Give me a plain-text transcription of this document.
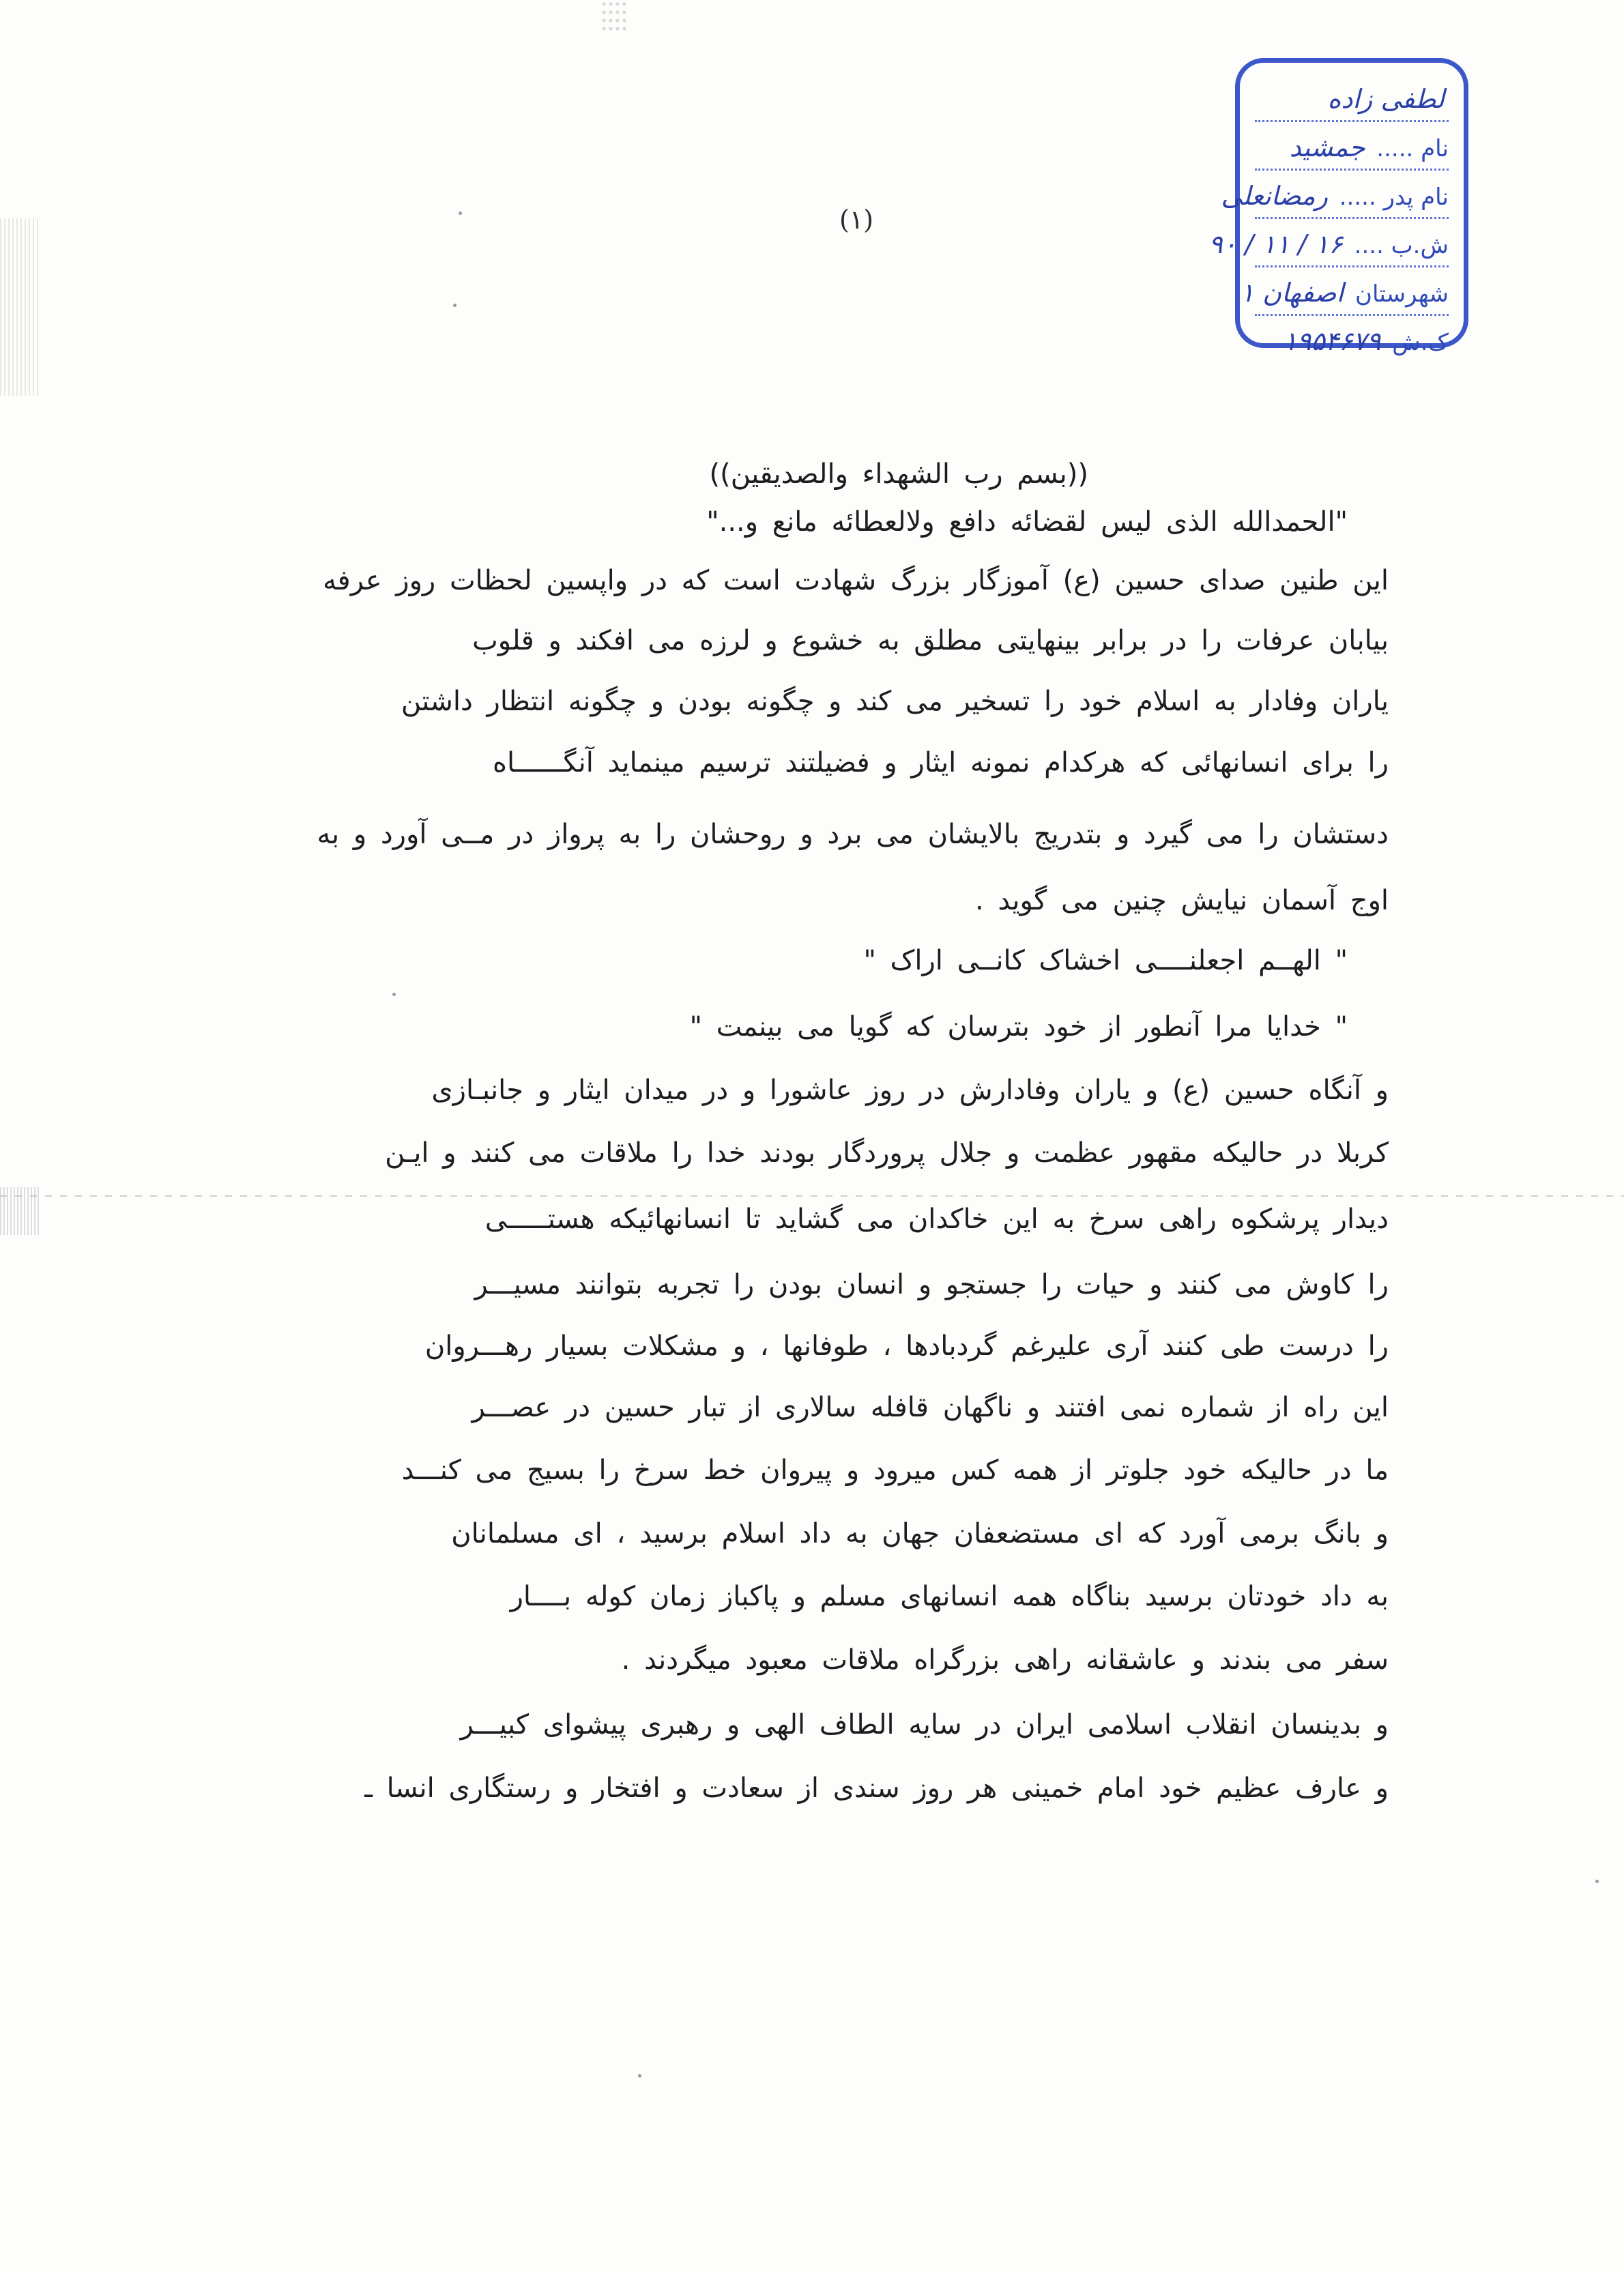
لطفی زاده
نام ..... جمشید
نام پدر ..... رمضانعلی
ش.ب .... ۱۶ / ۱۱ / ۹۰
شهرستان اصفهان ۱
ک.ش ۱۹۵۴۶۷۹
(۱)
((بسم رب الشهداء والصدیقین))
"الحمدالله الذی لیس لقضائه دافع ولالعطائه مانع و..."
این طنین صدای حسین (ع) آموزگار بزرگ شهادت است که در واپسین لحظات روز عرفه
بیابان عرفات را در برابر بینهایتی مطلق به خشوع و لرزه می افکند و قلوب
یاران وفادار به اسلام خود را تسخیر می کند و چگونه بودن و چگونه انتظار داشتن
را برای انسانهائی که هرکدام نمونه ایثار و فضیلتند ترسیم مینماید آنگــــــاه
دستشان را می گیرد و بتدریج بالایشان می برد و روحشان را به پرواز در مــی آورد و به
اوج آسمان نیایش چنین می گوید .
" الهــم اجعلنــــی اخشاک کانــی اراک "
" خدایا مرا آنطور از خود بترسان که گویا می بینمت "
و آنگاه حسین (ع) و یاران وفادارش در روز عاشورا و در میدان ایثار و جانبـازی
کربلا در حالیکه مقهور عظمت و جلال پروردگار بودند خدا را ملاقات می کنند و ایـن
دیدار پرشکوه راهی سرخ به این خاکدان می گشاید تا انسانهائیکه هستـــــی
را کاوش می کنند و حیات را جستجو و انسان بودن را تجربه بتوانند مسیـــر
را درست طی کنند آری علیرغم گردبادها ، طوفانها ، و مشکلات بسیار رهـــروان
این راه از شماره نمی افتند و ناگهان قافله سالاری از تبار حسین در عصـــر
ما در حالیکه خود جلوتر از همه کس میرود و پیروان خط سرخ را بسیج می کنـــد
و بانگ برمی آورد که ای مستضعفان جهان به داد اسلام برسید ، ای مسلمانان
به داد خودتان برسید بناگاه همه انسانهای مسلم و پاکباز زمان کوله بــــار
سفر می بندند و عاشقانه راهی بزرگراه ملاقات معبود میگردند .
و بدینسان انقلاب اسلامی ایران در سایه الطاف الهی و رهبری پیشوای کبیـــر
و عارف عظیم خود امام خمینی هر روز سندی از سعادت و افتخار و رستگاری انسا ـ
